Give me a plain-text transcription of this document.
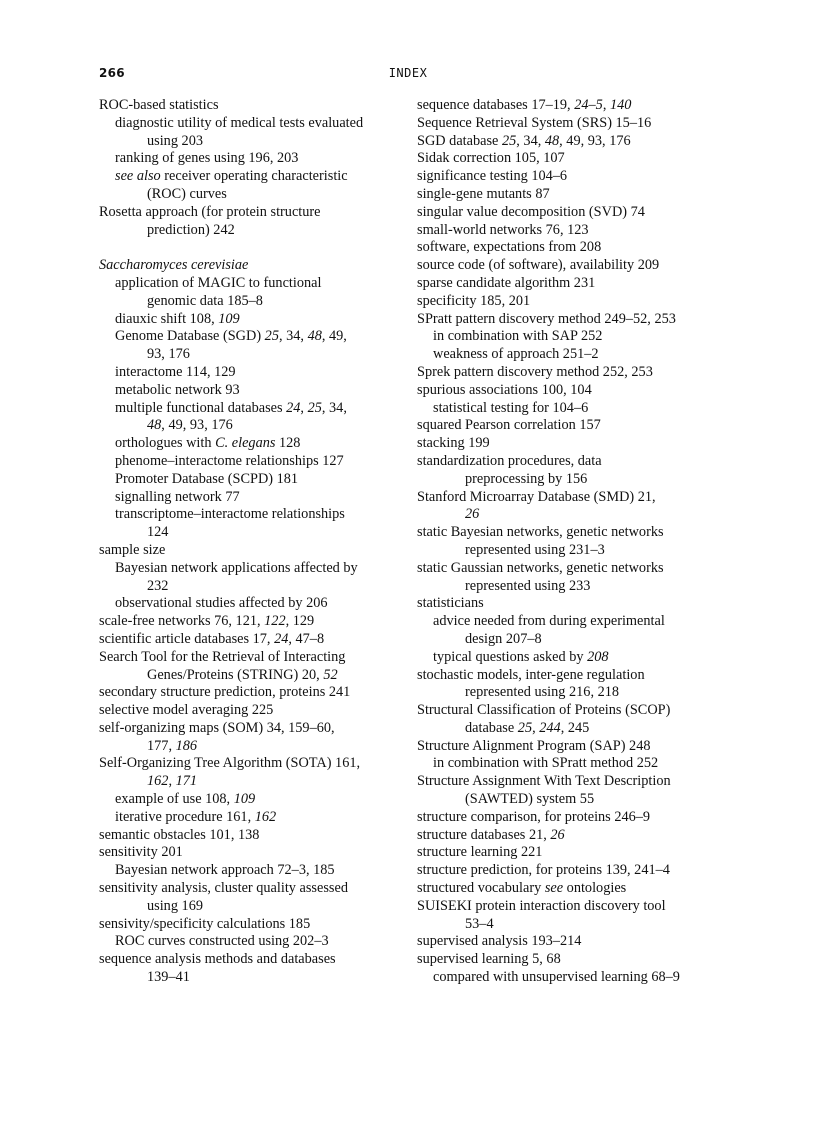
266	INDEX

ROC-based statistics

diagnostic utility of medical tests evaluated

using 203

ranking of genes using 196, 203

see also receiver operating characteristic

(ROC) curves

Rosetta approach (for protein structure

prediction) 242

Saccharomyces cerevisiae

application of MAGIC to functional

genomic data 185–8

diauxic shift 108, 109

Genome Database (SGD) 25, 34, 48, 49,

93, 176

interactome 114, 129

metabolic network 93

multiple functional databases 24, 25, 34,

48, 49, 93, 176

orthologues with C. elegans 128

phenome–interactome relationships 127

Promoter Database (SCPD) 181

signalling network 77

transcriptome–interactome relationships

124

sample size

Bayesian network applications affected by

232

observational studies affected by 206

scale-free networks 76, 121, 122, 129

scientific article databases 17, 24, 47–8

Search Tool for the Retrieval of Interacting

Genes/Proteins (STRING) 20, 52

secondary structure prediction, proteins 241

selective model averaging 225

self-organizing maps (SOM) 34, 159–60,

177, 186

Self-Organizing Tree Algorithm (SOTA) 161,

162, 171

example of use 108, 109

iterative procedure 161, 162

semantic obstacles 101, 138

sensitivity 201

Bayesian network approach 72–3, 185

sensitivity analysis, cluster quality assessed

using 169

sensivity/specificity calculations 185

ROC curves constructed using 202–3

sequence analysis methods and databases

139–41

sequence databases 17–19, 24–5, 140

Sequence Retrieval System (SRS) 15–16

SGD database 25, 34, 48, 49, 93, 176

Sidak correction 105, 107

significance testing 104–6

single-gene mutants 87

singular value decomposition (SVD) 74

small-world networks 76, 123

software, expectations from 208

source code (of software), availability 209

sparse candidate algorithm 231

specificity 185, 201

SPratt pattern discovery method 249–52, 253

in combination with SAP 252

weakness of approach 251–2

Sprek pattern discovery method 252, 253

spurious associations 100, 104

statistical testing for 104–6

squared Pearson correlation 157

stacking 199

standardization procedures, data

preprocessing by 156

Stanford Microarray Database (SMD) 21,

26

static Bayesian networks, genetic networks

represented using 231–3

static Gaussian networks, genetic networks

represented using 233

statisticians

advice needed from during experimental

design 207–8

typical questions asked by 208

stochastic models, inter-gene regulation

represented using 216, 218

Structural Classification of Proteins (SCOP)

database 25, 244, 245

Structure Alignment Program (SAP) 248

in combination with SPratt method 252

Structure Assignment With Text Description

(SAWTED) system 55

structure comparison, for proteins 246–9

structure databases 21, 26

structure learning 221

structure prediction, for proteins 139, 241–4

structured vocabulary see ontologies

SUISEKI protein interaction discovery tool

53–4

supervised analysis 193–214

supervised learning 5, 68

compared with unsupervised learning 68–9
